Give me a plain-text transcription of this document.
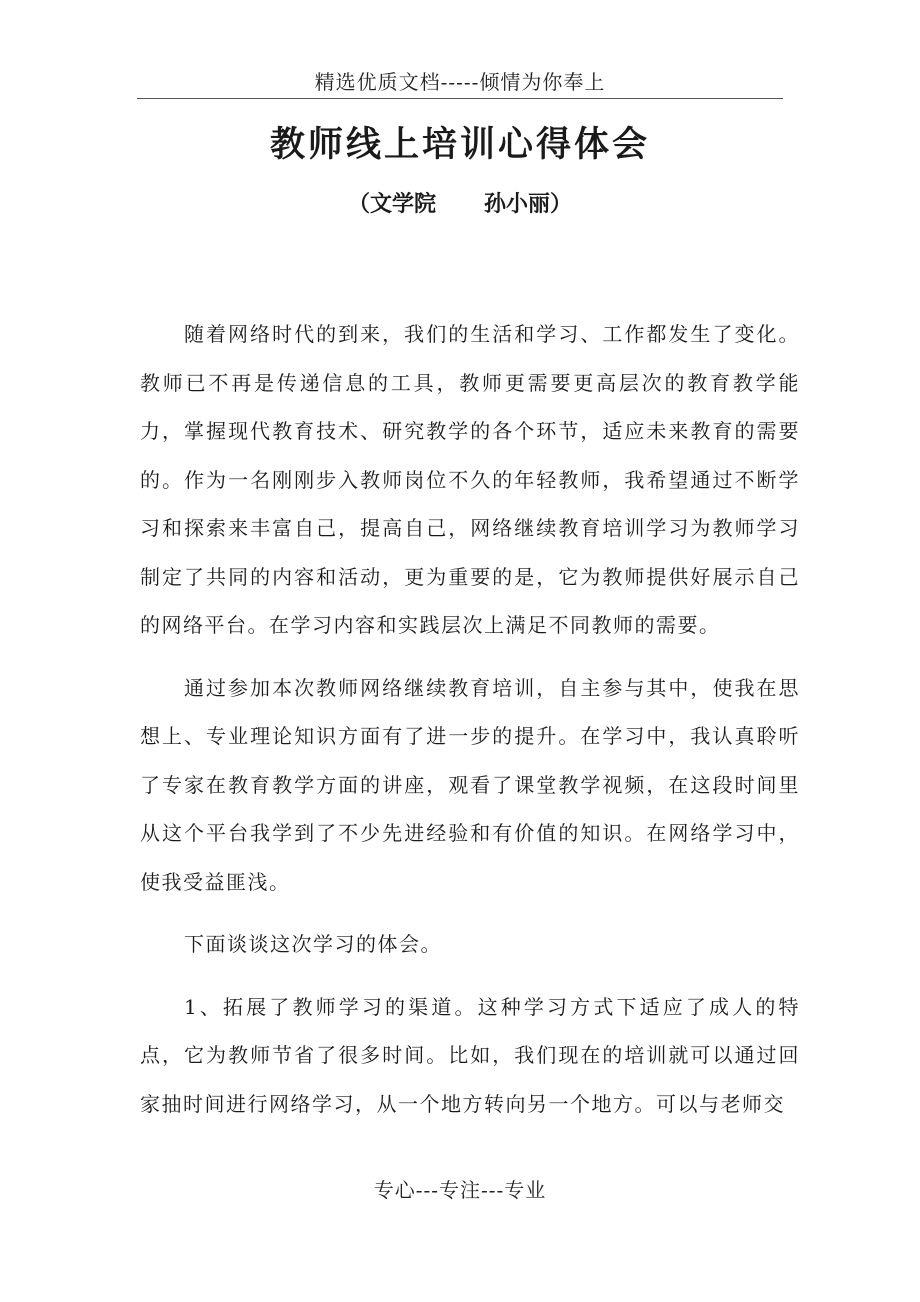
精选优质文档-----倾情为你奉上
教师线上培训心得体会
（文学院 孙小丽）

随着网络时代的到来，我们的生活和学习、工作都发生了变化。教师已不再是传递信息的工具，教师更需要更高层次的教育教学能力，掌握现代教育技术、研究教学的各个环节，适应未来教育的需要的。作为一名刚刚步入教师岗位不久的年轻教师，我希望通过不断学习和探索来丰富自己，提高自己，网络继续教育培训学习为教师学习制定了共同的内容和活动，更为重要的是，它为教师提供好展示自己的网络平台。在学习内容和实践层次上满足不同教师的需要。

通过参加本次教师网络继续教育培训，自主参与其中，使我在思想上、专业理论知识方面有了进一步的提升。在学习中，我认真聆听了专家在教育教学方面的讲座，观看了课堂教学视频，在这段时间里从这个平台我学到了不少先进经验和有价值的知识。在网络学习中，使我受益匪浅。

下面谈谈这次学习的体会。

1、拓展了教师学习的渠道。这种学习方式下适应了成人的特点，它为教师节省了很多时间。比如，我们现在的培训就可以通过回家抽时间进行网络学习，从一个地方转向另一个地方。可以与老师交

专心---专注---专业
